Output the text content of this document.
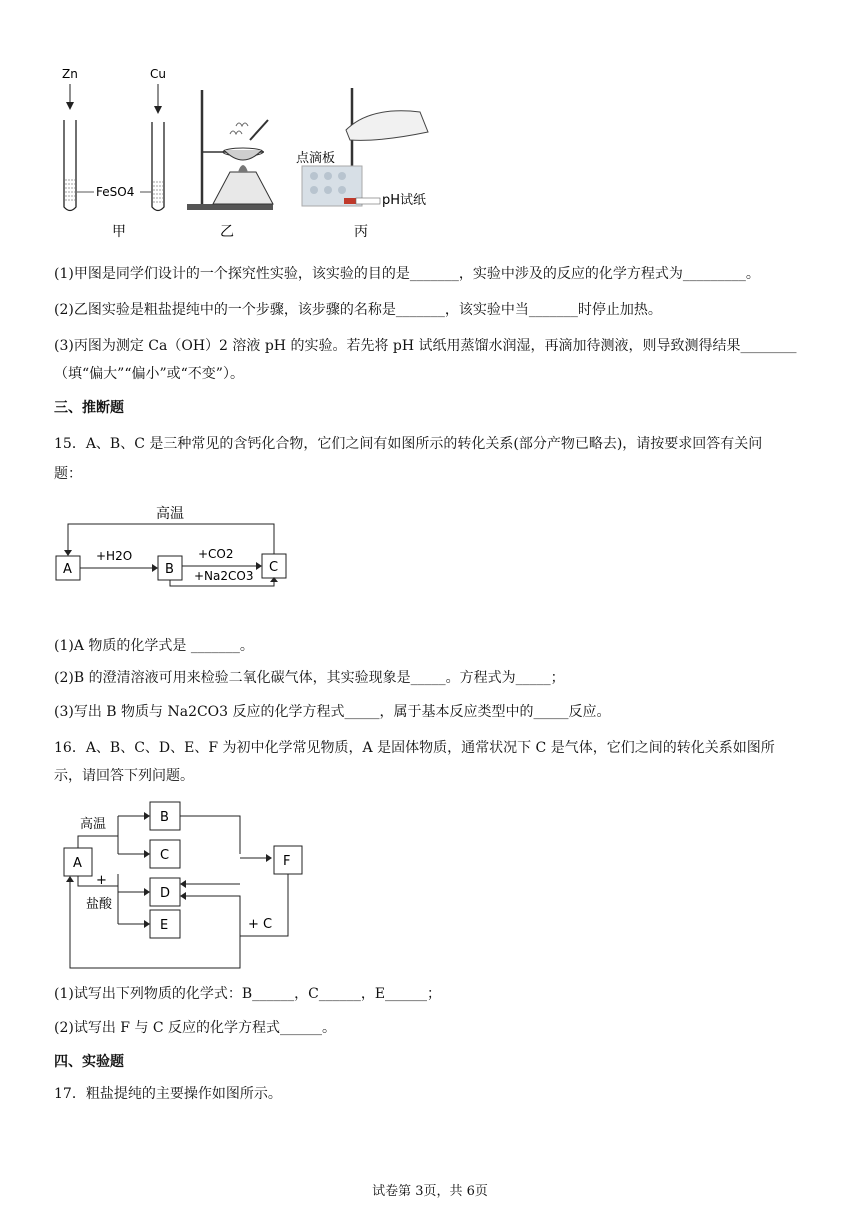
Zn	Cu
FeSO4
甲	乙
点滴板
pH试纸
丙
(1)甲图是同学们设计的一个探究性实验，该实验的目的是_______，实验中涉及的反应的化学方程式为_________。
(2)乙图实验是粗盐提纯中的一个步骤，该步骤的名称是_______，该实验中当_______时停止加热。
(3)丙图为测定 Ca（OH）2 溶液 pH 的实验。若先将 pH 试纸用蒸馏水润湿，再滴加待测液，则导致测得结果________
（填“偏大”“偏小”或“不变”）。
三、推断题
15．A、B、C 是三种常见的含钙化合物，它们之间有如图所示的转化关系(部分产物已略去)，请按要求回答有关问
题：
A	B	C
高温
+H2O	+CO2
+Na2CO3
(1)A 物质的化学式是 _______。
(2)B 的澄清溶液可用来检验二氧化碳气体，其实验现象是_____。方程式为_____；
(3)写出 B 物质与 Na2CO3 反应的化学方程式_____，属于基本反应类型中的_____反应。
16．A、B、C、D、E、F 为初中化学常见物质，A 是固体物质，通常状况下 C 是气体，它们之间的转化关系如图所
示，请回答下列问题。
A
B
C
D
E
F
高温
+
盐酸
+ C
(1)试写出下列物质的化学式：B______，C______，E______；
(2)试写出 F 与 C 反应的化学方程式______。
四、实验题
17．粗盐提纯的主要操作如图所示。
试卷第 3页，共 6页
